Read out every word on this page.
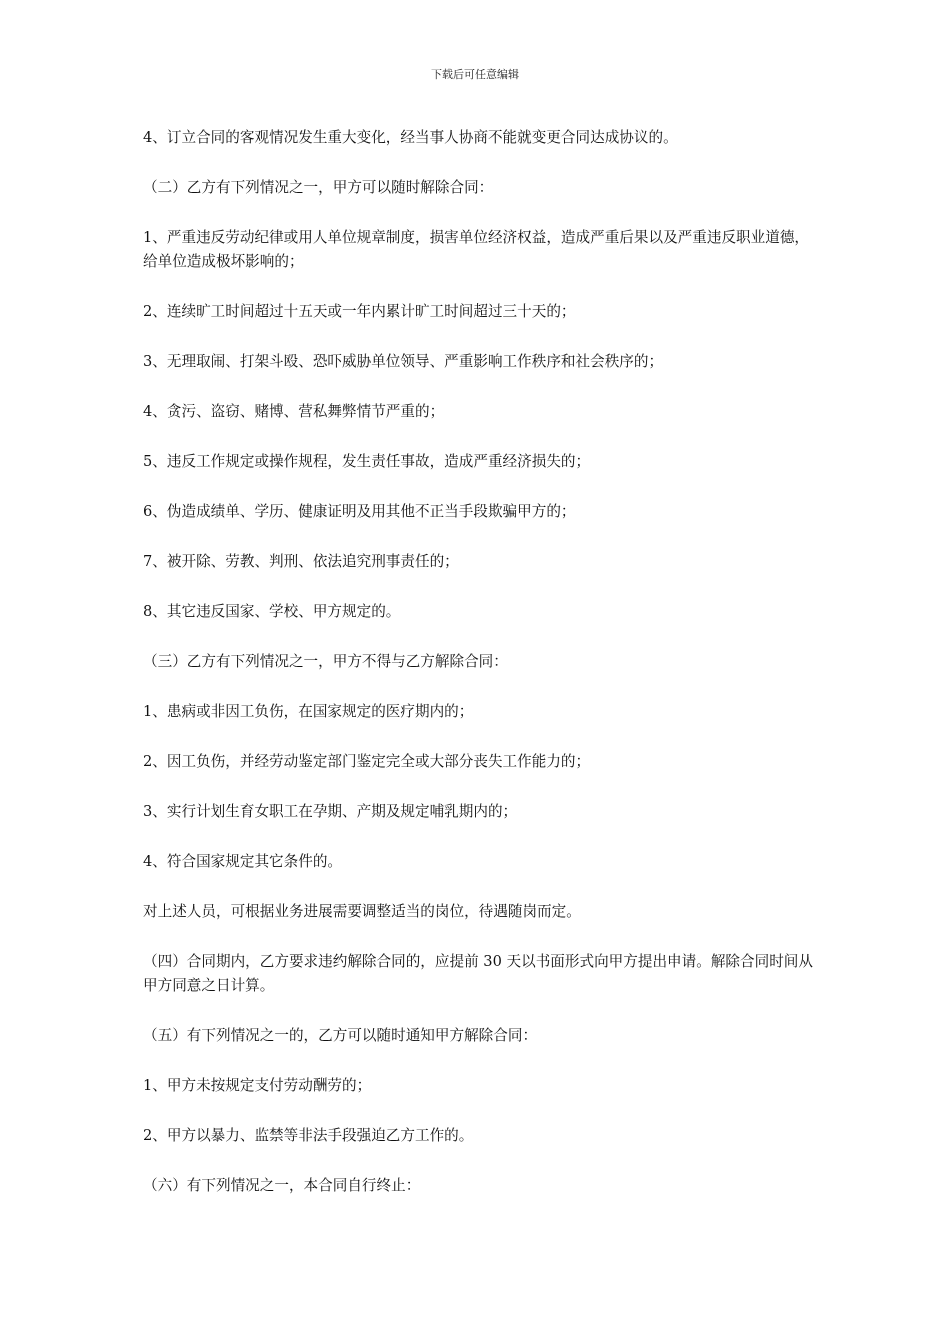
下载后可任意编辑

4、订立合同的客观情况发生重大变化，经当事人协商不能就变更合同达成协议的。

（二）乙方有下列情况之一，甲方可以随时解除合同：

1、严重违反劳动纪律或用人单位规章制度，损害单位经济权益，造成严重后果以及严重违反职业道德，给单位造成极坏影响的；

2、连续旷工时间超过十五天或一年内累计旷工时间超过三十天的；

3、无理取闹、打架斗殴、恐吓威胁单位领导、严重影响工作秩序和社会秩序的；

4、贪污、盗窃、赌博、营私舞弊情节严重的；

5、违反工作规定或操作规程，发生责任事故，造成严重经济损失的；

6、伪造成绩单、学历、健康证明及用其他不正当手段欺骗甲方的；

7、被开除、劳教、判刑、依法追究刑事责任的；

8、其它违反国家、学校、甲方规定的。

（三）乙方有下列情况之一，甲方不得与乙方解除合同：

1、患病或非因工负伤，在国家规定的医疗期内的；

2、因工负伤，并经劳动鉴定部门鉴定完全或大部分丧失工作能力的；

3、实行计划生育女职工在孕期、产期及规定哺乳期内的；

4、符合国家规定其它条件的。

对上述人员，可根据业务进展需要调整适当的岗位，待遇随岗而定。

（四）合同期内，乙方要求违约解除合同的，应提前 30 天以书面形式向甲方提出申请。解除合同时间从甲方同意之日计算。

（五）有下列情况之一的，乙方可以随时通知甲方解除合同：

1、甲方未按规定支付劳动酬劳的；

2、甲方以暴力、监禁等非法手段强迫乙方工作的。

（六）有下列情况之一，本合同自行终止：
